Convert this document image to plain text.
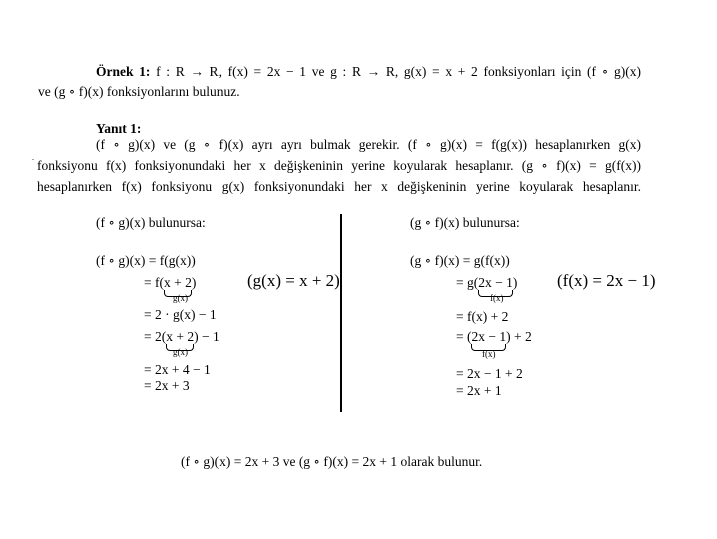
Örnek 1: f : R → R, f(x) = 2x − 1 ve g : R → R, g(x) = x + 2 fonksiyonları için (f ∘ g)(x)
ve (g ∘ f)(x) fonksiyonlarını bulunuz.
Yanıt 1:
(f ∘ g)(x) ve (g ∘ f)(x) ayrı ayrı bulmak gerekir. (f ∘ g)(x) = f(g(x)) hesaplanırken g(x)
.
fonksiyonu f(x) fonksiyonundaki her x değişkeninin yerine koyularak hesaplanır. (g ∘ f)(x) = g(f(x))
hesaplanırken f(x) fonksiyonu g(x) fonksiyonundaki her x değişkeninin yerine koyularak hesaplanır.
(f ∘ g)(x) bulunursa:
(f ∘ g)(x) = f(g(x))
= f(x + 2
)
g(x)
(g(x) = x + 2)
= 2 · g(x) − 1
= 2(x + 2
) − 1
g(x)
= 2x + 4 − 1
= 2x + 3
(g ∘ f)(x) bulunursa:
(g ∘ f)(x) = g(f(x))
= g(2x − 1
)
f(x)
(f(x) = 2x − 1)
= f(x) + 2
= (2x − 1
) + 2
f(x)
= 2x − 1 + 2
= 2x + 1
(f ∘ g)(x) = 2x + 3 ve (g ∘ f)(x) = 2x + 1 olarak bulunur.
